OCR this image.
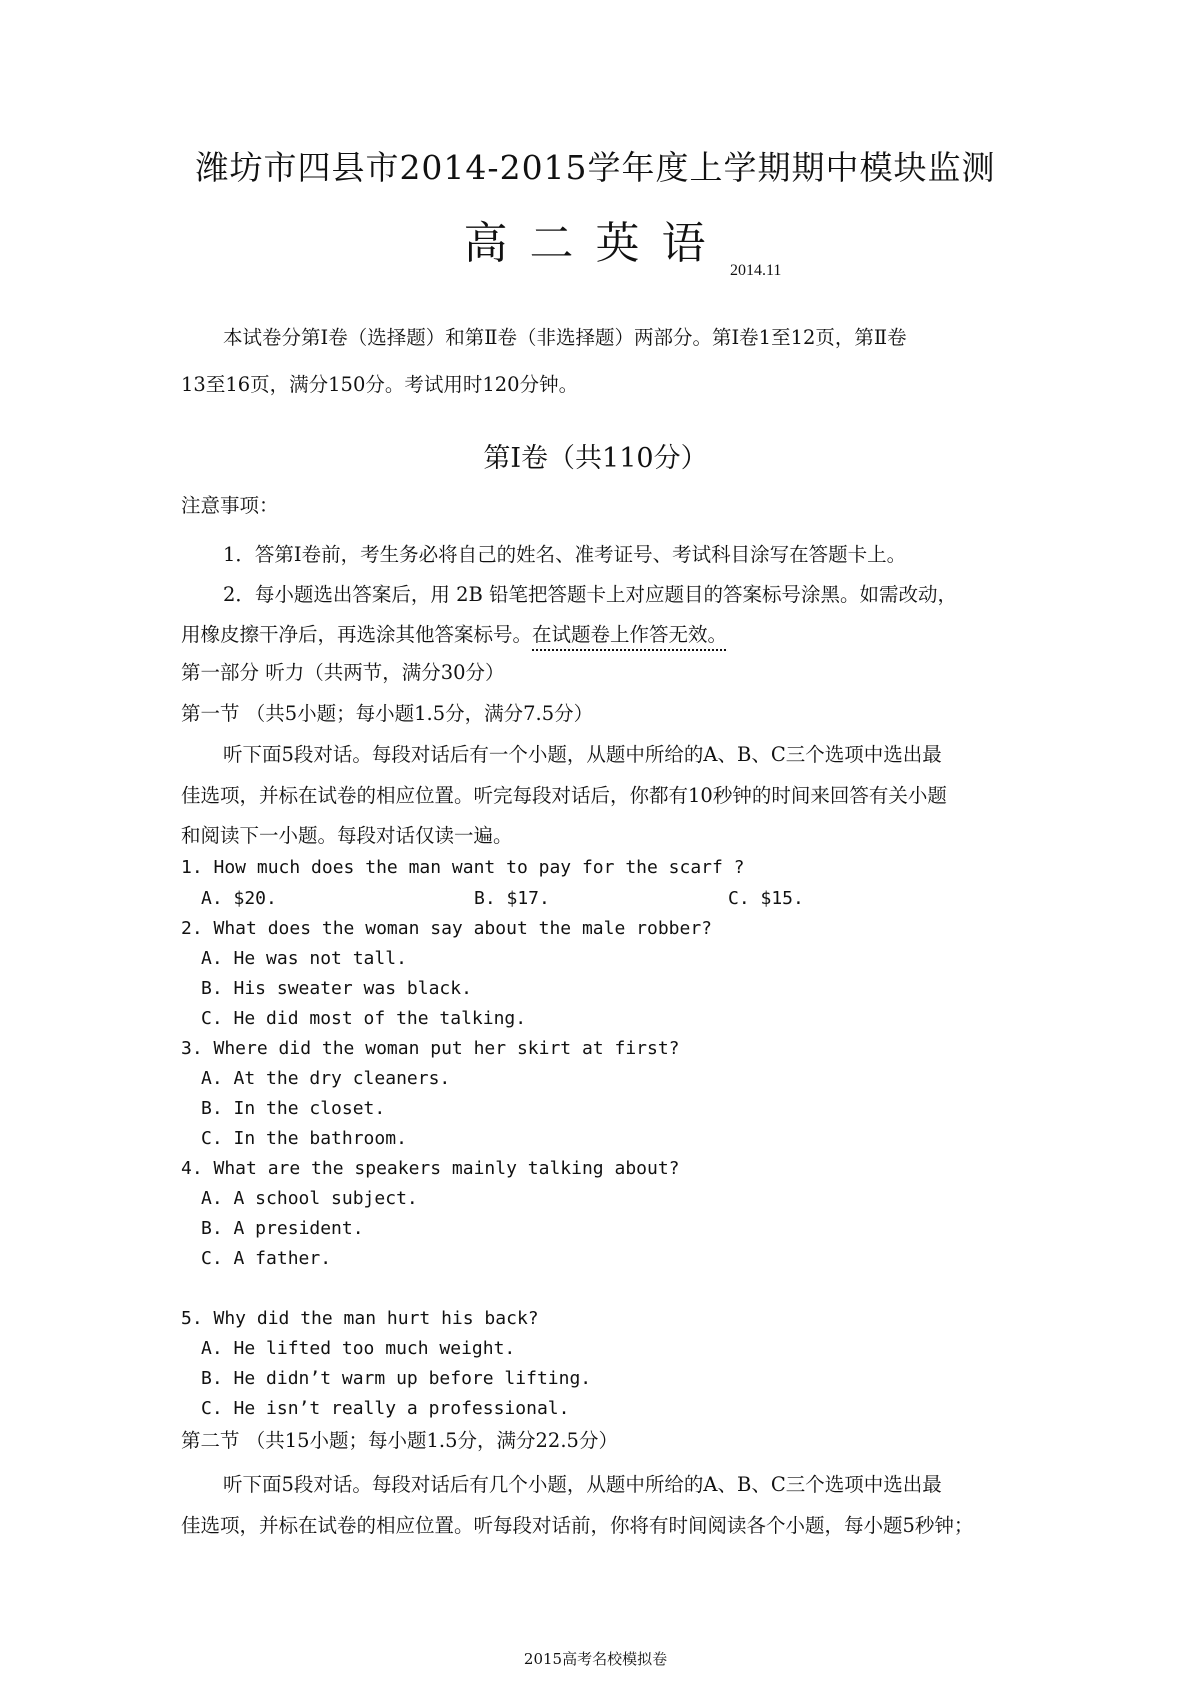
潍坊市四县市2014-2015学年度上学期期中模块监测
高二英语
2014.11
本试卷分第Ⅰ卷（选择题）和第Ⅱ卷（非选择题）两部分。第Ⅰ卷1至12页，第Ⅱ卷
13至16页，满分150分。考试用时120分钟。
第Ⅰ卷（共110分）
注意事项：
1．答第Ⅰ卷前，考生务必将自己的姓名、准考证号、考试科目涂写在答题卡上。
2．每小题选出答案后，用 2B 铅笔把答题卡上对应题目的答案标号涂黑。如需改动，
用橡皮擦干净后，再选涂其他答案标号。在试题卷上作答无效。
第一部分 听力（共两节，满分30分）
第一节 （共5小题；每小题1.5分，满分7.5分）
听下面5段对话。每段对话后有一个小题，从题中所给的A、B、C三个选项中选出最
佳选项，并标在试卷的相应位置。听完每段对话后，你都有10秒钟的时间来回答有关小题
和阅读下一小题。每段对话仅读一遍。
1. How much does the man want to pay for the scarf ?
A. $20.	B. $17.	C. $15.
2. What does the woman say about the male robber?
A. He was not tall.
B. His sweater was black.
C. He did most of the talking.
3. Where did the woman put her skirt at first?
A. At the dry cleaners.
B. In the closet.
C. In the bathroom.
4. What are the speakers mainly talking about?
A. A school subject.
B. A president.
C. A father.
5. Why did the man hurt his back?
A. He lifted too much weight.
B. He didn’t warm up before lifting.
C. He isn’t really a professional.
第二节 （共15小题；每小题1.5分，满分22.5分）
听下面5段对话。每段对话后有几个小题，从题中所给的A、B、C三个选项中选出最
佳选项，并标在试卷的相应位置。听每段对话前，你将有时间阅读各个小题，每小题5秒钟；
2015高考名校模拟卷
